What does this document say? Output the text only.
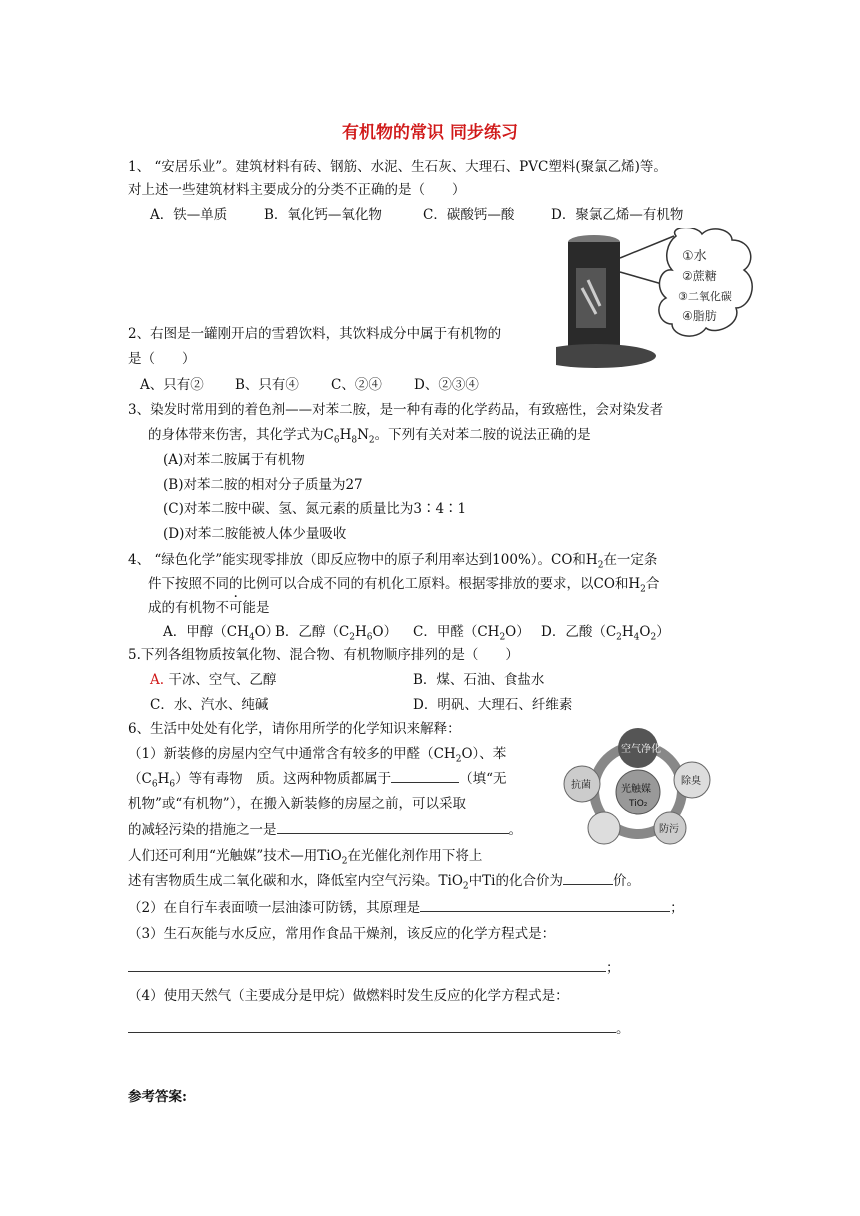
有机物的常识 同步练习
1、 “安居乐业”。建筑材料有砖、钢筋、水泥、生石灰、大理石、PVC塑料(聚氯乙烯)等。
对上述一些建筑材料主要成分的分类不正确的是（　　）
A．铁—单质	B．氧化钙—氧化物	C．碳酸钙—酸	D．聚氯乙烯—有机物
①水
②蔗糖
③二氧化碳
④脂肪
2、右图是一罐刚开启的雪碧饮料，其饮料成分中属于有机物的
是（　　）
A、只有② B、只有④ C、②④ D、②③④
3、染发时常用到的着色剂——对苯二胺，是一种有毒的化学药品，有致癌性，会对染发者
的身体带来伤害，其化学式为$C_6H_8N_2$。下列有关对苯二胺的说法正确的是
(A)对苯二胺属于有机物
(B)对苯二胺的相对分子质量为27
(C)对苯二胺中碳、氢、氮元素的质量比为3∶4∶1
(D)对苯二胺能被人体少量吸收
4、 “绿色化学”能实现零排放（即反应物中的原子利用率达到100%）。CO和$H_2$在一定条
件下按照不同的比例可以合成不同的有机化工原料。根据零排放的要求，以CO和$H_2$合
成的有机物不可能是
A．甲醇$(CH_4O)$
B．乙醇$(C_2H_6O)$ C．甲醛$(CH_2O)$ D．乙酸$(C_2H_4O_2)$
5.下列各组物质按氧化物、混合物、有机物顺序排列的是（　　）
A. 干冰、空气、乙醇	B．煤、石油、食盐水
C．水、汽水、纯碱	D．明矾、大理石、纤维素
6、生活中处处有化学，请你用所学的化学知识来解释：
空气净化
除臭
抗菌	光触媒
TiO₂
防污
（1）新装修的房屋内空气中通常含有较多的甲醛$(CH_2O)$、苯
$(C_6H_6)$等有毒物　质。这两种物质都属于	（填“无
机物”或“有机物”），在搬入新装修的房屋之前，可以采取
的减轻污染的措施之一是	。
人们还可利用“光触媒”技术—用TiO$_2$在光催化剂作用下将上
述有害物质生成二氧化碳和水，降低室内空气污染。TiO$_2$中Ti的化合价为	价。
（2）在自行车表面喷一层油漆可防锈，其原理是	；
（3）生石灰能与水反应，常用作食品干燥剂，该反应的化学方程式是：
；
（4）使用天然气（主要成分是甲烷）做燃料时发生反应的化学方程式是：
。
参考答案:
